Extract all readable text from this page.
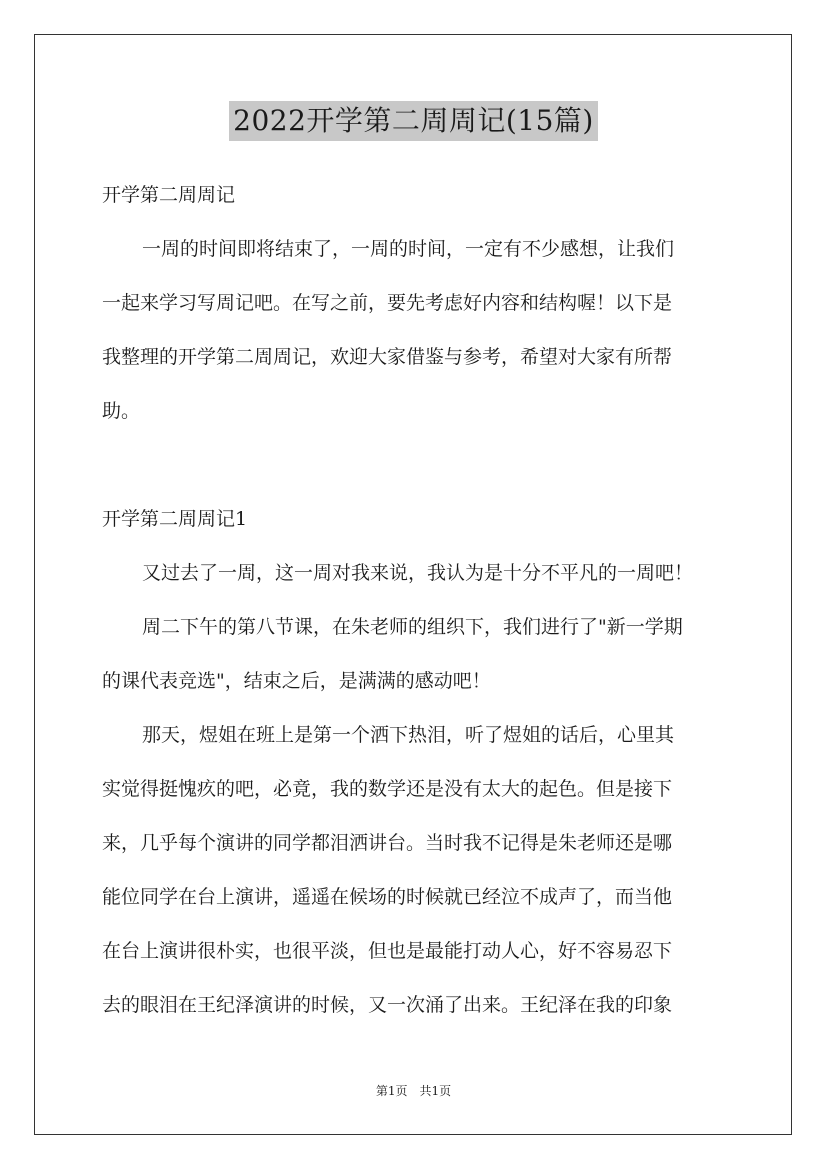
2022开学第二周周记(15篇)

开学第二周周记

一周的时间即将结束了，一周的时间，一定有不少感想，让我们

一起来学习写周记吧。在写之前，要先考虑好内容和结构喔！以下是

我整理的开学第二周周记，欢迎大家借鉴与参考，希望对大家有所帮

助。

开学第二周周记1

又过去了一周，这一周对我来说，我认为是十分不平凡的一周吧！

周二下午的第八节课，在朱老师的组织下，我们进行了"新一学期

的课代表竞选"，结束之后，是满满的感动吧！

那天，煜姐在班上是第一个洒下热泪，听了煜姐的话后，心里其

实觉得挺愧疚的吧，必竟，我的数学还是没有太大的起色。但是接下

来，几乎每个演讲的同学都泪洒讲台。当时我不记得是朱老师还是哪

能位同学在台上演讲，遥遥在候场的时候就已经泣不成声了，而当他

在台上演讲很朴实，也很平淡，但也是最能打动人心，好不容易忍下

去的眼泪在王纪泽演讲的时候，又一次涌了出来。王纪泽在我的印象

第1页　共1页
